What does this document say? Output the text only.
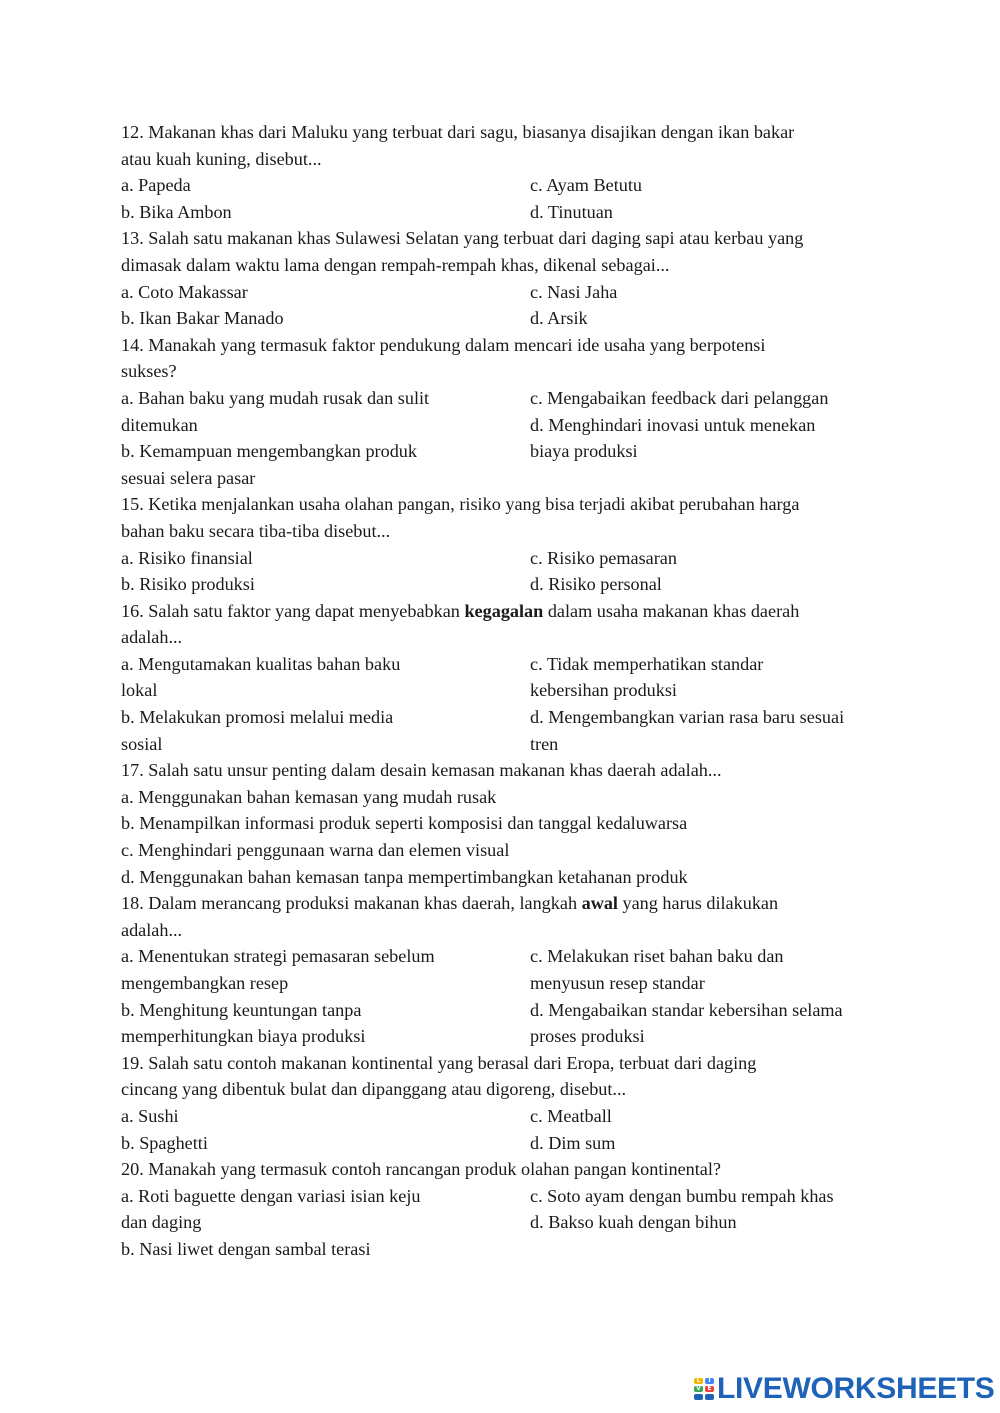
12. Makanan khas dari Maluku yang terbuat dari sagu, biasanya disajikan dengan ikan bakar
atau kuah kuning, disebut...
a. Papeda	c. Ayam Betutu
b. Bika Ambon	d. Tinutuan
13. Salah satu makanan khas Sulawesi Selatan yang terbuat dari daging sapi atau kerbau yang
dimasak dalam waktu lama dengan rempah-rempah khas, dikenal sebagai...
a. Coto Makassar	c. Nasi Jaha
b. Ikan Bakar Manado	d. Arsik
14. Manakah yang termasuk faktor pendukung dalam mencari ide usaha yang berpotensi
sukses?
a. Bahan baku yang mudah rusak dan sulit	c. Mengabaikan feedback dari pelanggan
ditemukan	d. Menghindari inovasi untuk menekan
b. Kemampuan mengembangkan produk	biaya produksi
sesuai selera pasar
15. Ketika menjalankan usaha olahan pangan, risiko yang bisa terjadi akibat perubahan harga
bahan baku secara tiba-tiba disebut...
a. Risiko finansial	c. Risiko pemasaran
b. Risiko produksi	d. Risiko personal
16. Salah satu faktor yang dapat menyebabkan kegagalan dalam usaha makanan khas daerah
adalah...
a. Mengutamakan kualitas bahan baku	c. Tidak memperhatikan standar
lokal	kebersihan produksi
b. Melakukan promosi melalui media	d. Mengembangkan varian rasa baru sesuai
sosial	tren
17. Salah satu unsur penting dalam desain kemasan makanan khas daerah adalah...
a. Menggunakan bahan kemasan yang mudah rusak
b. Menampilkan informasi produk seperti komposisi dan tanggal kedaluwarsa
c. Menghindari penggunaan warna dan elemen visual
d. Menggunakan bahan kemasan tanpa mempertimbangkan ketahanan produk
18. Dalam merancang produksi makanan khas daerah, langkah awal yang harus dilakukan
adalah...
a. Menentukan strategi pemasaran sebelum	c. Melakukan riset bahan baku dan
mengembangkan resep	menyusun resep standar
b. Menghitung keuntungan tanpa	d. Mengabaikan standar kebersihan selama
memperhitungkan biaya produksi	proses produksi
19. Salah satu contoh makanan kontinental yang berasal dari Eropa, terbuat dari daging
cincang yang dibentuk bulat dan dipanggang atau digoreng, disebut...
a. Sushi	c. Meatball
b. Spaghetti	d. Dim sum
20. Manakah yang termasuk contoh rancangan produk olahan pangan kontinental?
a. Roti baguette dengan variasi isian keju	c. Soto ayam dengan bumbu rempah khas
dan daging	d. Bakso kuah dengan bihun
b. Nasi liwet dengan sambal terasi
L	I
V	E LIVEWORKSHEETS
